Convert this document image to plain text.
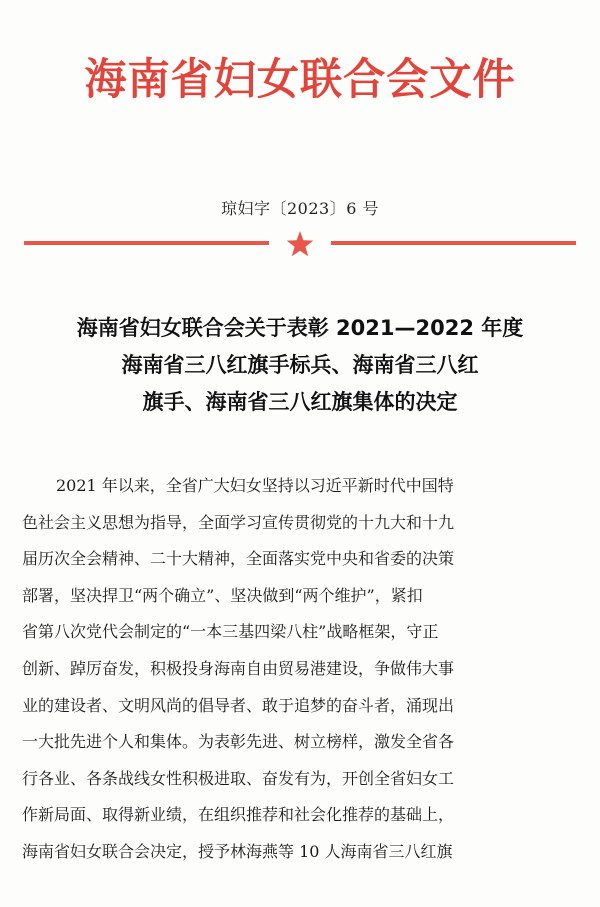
海南省妇女联合会文件
琼妇字〔2023〕6 号
海南省妇女联合会关于表彰 2021—2022 年度
海南省三八红旗手标兵、海南省三八红
旗手、海南省三八红旗集体的决定
2021 年以来，全省广大妇女坚持以习近平新时代中国特
色社会主义思想为指导，全面学习宣传贯彻党的十九大和十九
届历次全会精神、二十大精神，全面落实党中央和省委的决策
部署，坚决捍卫“两个确立”、坚决做到“两个维护”，紧扣
省第八次党代会制定的“一本三基四梁八柱”战略框架，守正
创新、踔厉奋发，积极投身海南自由贸易港建设，争做伟大事
业的建设者、文明风尚的倡导者、敢于追梦的奋斗者，涌现出
一大批先进个人和集体。为表彰先进、树立榜样，激发全省各
行各业、各条战线女性积极进取、奋发有为，开创全省妇女工
作新局面、取得新业绩，在组织推荐和社会化推荐的基础上，
海南省妇女联合会决定，授予林海燕等 10 人海南省三八红旗
